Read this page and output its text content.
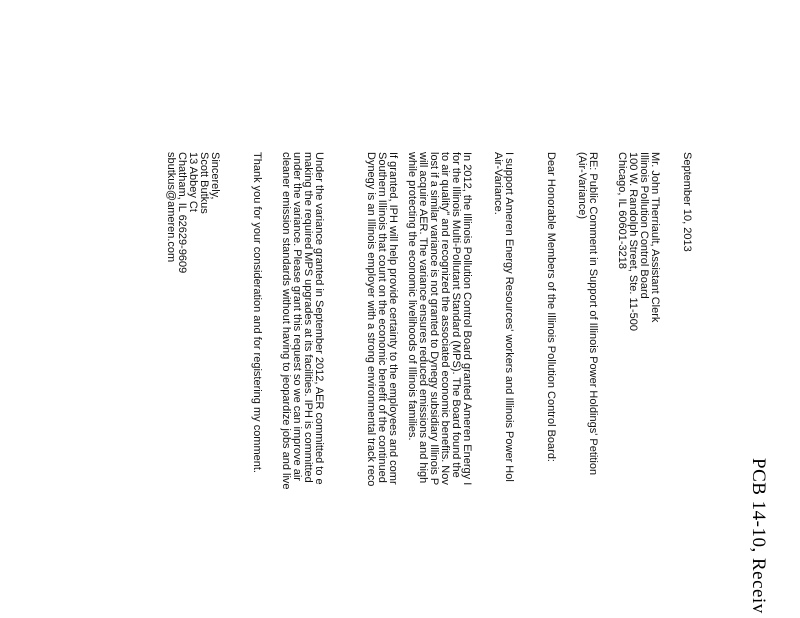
PCB 14-10, Receiv
September 10, 2013
Mr. John Therriault, Assistant Clerk
Illinois Pollution Control Board
100 W. Randolph Street, Ste. 11-500
Chicago, IL 60601-3218
RE: Public Comment in Support of Illinois Power Holdings' Petition
(Air-Variance)
Dear Honorable Members of the Illinois Pollution Control Board:
I support Ameren Energy Resources' workers and Illinois Power Hol
Air-Variance.
In 2012, the Illinois Pollution Control Board granted Ameren Energy I
for the Illinois Multi-Pollutant Standard (MPS). The Board found the
to air quality" and recognized the associated economic benefits. Nov
lost if a similar variance is not granted to Dynegy subsidiary Illinois P
will acquire AER. The variance ensures reduced emissions and high
while protecting the economic livelihoods of Illinois families.
If granted, IPH will help provide certainty to the employees and comr
Southern Illinois that count on the economic benefit of the continued
Dynegy is an Illinois employer with a strong environmental track reco
Under the variance granted in September 2012, AER committed to e
making the required MPS upgrades at its facilities. IPH is committed
under the variance. Please grant this request so we can improve air
cleaner emission standards without having to jeopardize jobs and live
Thank you for your consideration and for registering my comment.
Sincerely,
Scott Butkus
13 Abbey Ct
Chatham, IL 62629-9609
sbutkus@ameren.com
